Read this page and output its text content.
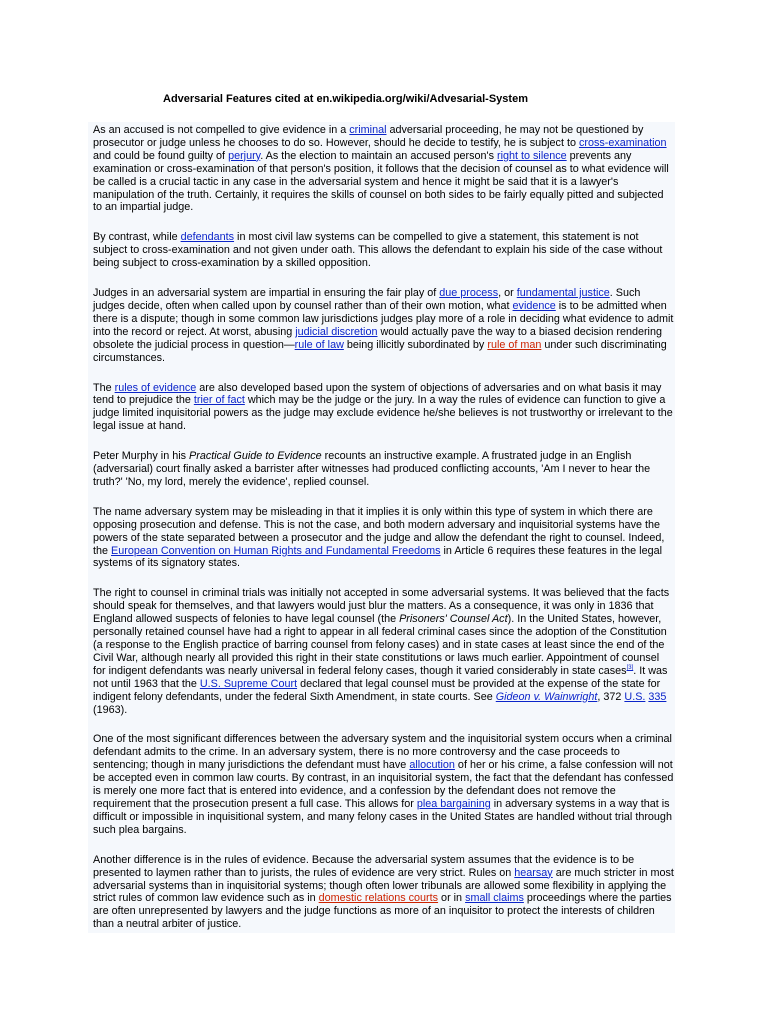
Adversarial Features cited at en.wikipedia.org/wiki/Advesarial-System

As an accused is not compelled to give evidence in a criminal adversarial proceeding, he may not be questioned by prosecutor or judge unless he chooses to do so. However, should he decide to testify, he is subject to cross-examination and could be found guilty of perjury. As the election to maintain an accused person's right to silence prevents any examination or cross-examination of that person's position, it follows that the decision of counsel as to what evidence will be called is a crucial tactic in any case in the adversarial system and hence it might be said that it is a lawyer's manipulation of the truth. Certainly, it requires the skills of counsel on both sides to be fairly equally pitted and subjected to an impartial judge.

By contrast, while defendants in most civil law systems can be compelled to give a statement, this statement is not subject to cross-examination and not given under oath. This allows the defendant to explain his side of the case without being subject to cross-examination by a skilled opposition.

Judges in an adversarial system are impartial in ensuring the fair play of due process, or fundamental justice. Such judges decide, often when called upon by counsel rather than of their own motion, what evidence is to be admitted when there is a dispute; though in some common law jurisdictions judges play more of a role in deciding what evidence to admit into the record or reject. At worst, abusing judicial discretion would actually pave the way to a biased decision rendering obsolete the judicial process in question—rule of law being illicitly subordinated by rule of man under such discriminating circumstances.

The rules of evidence are also developed based upon the system of objections of adversaries and on what basis it may tend to prejudice the trier of fact which may be the judge or the jury. In a way the rules of evidence can function to give a judge limited inquisitorial powers as the judge may exclude evidence he/she believes is not trustworthy or irrelevant to the legal issue at hand.

Peter Murphy in his Practical Guide to Evidence recounts an instructive example. A frustrated judge in an English (adversarial) court finally asked a barrister after witnesses had produced conflicting accounts, 'Am I never to hear the truth?' 'No, my lord, merely the evidence', replied counsel.

The name adversary system may be misleading in that it implies it is only within this type of system in which there are opposing prosecution and defense. This is not the case, and both modern adversary and inquisitorial systems have the powers of the state separated between a prosecutor and the judge and allow the defendant the right to counsel. Indeed, the European Convention on Human Rights and Fundamental Freedoms in Article 6 requires these features in the legal systems of its signatory states.

The right to counsel in criminal trials was initially not accepted in some adversarial systems. It was believed that the facts should speak for themselves, and that lawyers would just blur the matters. As a consequence, it was only in 1836 that England allowed suspects of felonies to have legal counsel (the Prisoners' Counsel Act). In the United States, however, personally retained counsel have had a right to appear in all federal criminal cases since the adoption of the Constitution (a response to the English practice of barring counsel from felony cases) and in state cases at least since the end of the Civil War, although nearly all provided this right in their state constitutions or laws much earlier. Appointment of counsel for indigent defendants was nearly universal in federal felony cases, though it varied considerably in state cases[3]. It was not until 1963 that the U.S. Supreme Court declared that legal counsel must be provided at the expense of the state for indigent felony defendants, under the federal Sixth Amendment, in state courts. See Gideon v. Wainwright, 372 U.S. 335 (1963).

One of the most significant differences between the adversary system and the inquisitorial system occurs when a criminal defendant admits to the crime. In an adversary system, there is no more controversy and the case proceeds to sentencing; though in many jurisdictions the defendant must have allocution of her or his crime, a false confession will not be accepted even in common law courts. By contrast, in an inquisitorial system, the fact that the defendant has confessed is merely one more fact that is entered into evidence, and a confession by the defendant does not remove the requirement that the prosecution present a full case. This allows for plea bargaining in adversary systems in a way that is difficult or impossible in inquisitional system, and many felony cases in the United States are handled without trial through such plea bargains.

Another difference is in the rules of evidence. Because the adversarial system assumes that the evidence is to be presented to laymen rather than to jurists, the rules of evidence are very strict. Rules on hearsay are much stricter in most adversarial systems than in inquisitorial systems; though often lower tribunals are allowed some flexibility in applying the strict rules of common law evidence such as in domestic relations courts or in small claims proceedings where the parties are often unrepresented by lawyers and the judge functions as more of an inquisitor to protect the interests of children than a neutral arbiter of justice.
